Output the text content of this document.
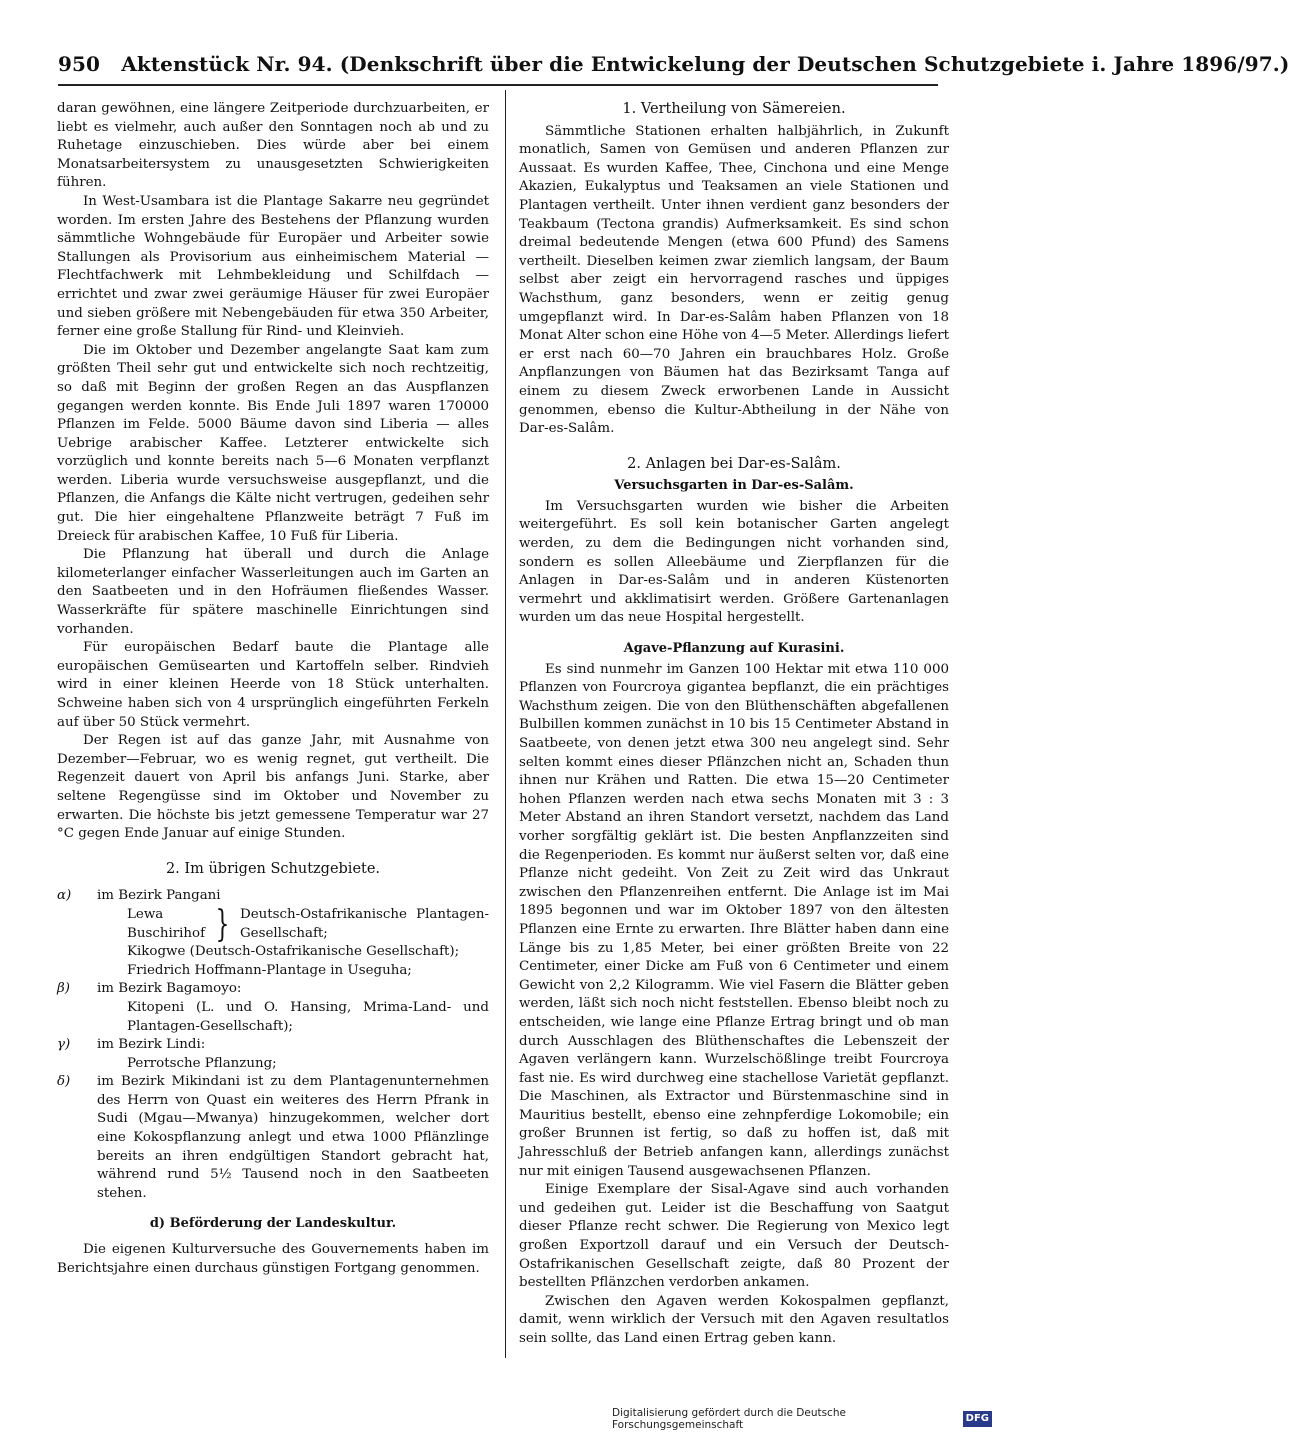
950 Aktenstück Nr. 94. (Denkschrift über die Entwickelung der Deutschen Schutzgebiete i. Jahre 1896/97.)

daran gewöhnen, eine längere Zeitperiode durchzuarbeiten, er liebt es vielmehr, auch außer den Sonntagen noch ab und zu Ruhetage einzuschieben. Dies würde aber bei einem Monatsarbeitersystem zu unausgesetzten Schwierigkeiten führen.

In West-Usambara ist die Plantage Sakarre neu gegründet worden. Im ersten Jahre des Bestehens der Pflanzung wurden sämmtliche Wohngebäude für Europäer und Arbeiter sowie Stallungen als Provisorium aus einheimischem Material — Flechtfachwerk mit Lehmbekleidung und Schilfdach — errichtet und zwar zwei geräumige Häuser für zwei Europäer und sieben größere mit Nebengebäuden für etwa 350 Arbeiter, ferner eine große Stallung für Rind- und Kleinvieh.

Die im Oktober und Dezember angelangte Saat kam zum größten Theil sehr gut und entwickelte sich noch rechtzeitig, so daß mit Beginn der großen Regen an das Auspflanzen gegangen werden konnte. Bis Ende Juli 1897 waren 170000 Pflanzen im Felde. 5000 Bäume davon sind Liberia — alles Uebrige arabischer Kaffee. Letzterer entwickelte sich vorzüglich und konnte bereits nach 5—6 Monaten verpflanzt werden. Liberia wurde versuchsweise ausgepflanzt, und die Pflanzen, die Anfangs die Kälte nicht vertrugen, gedeihen sehr gut. Die hier eingehaltene Pflanzweite beträgt 7 Fuß im Dreieck für arabischen Kaffee, 10 Fuß für Liberia.

Die Pflanzung hat überall und durch die Anlage kilometerlanger einfacher Wasserleitungen auch im Garten an den Saatbeeten und in den Hofräumen fließendes Wasser. Wasserkräfte für spätere maschinelle Einrichtungen sind vorhanden.

Für europäischen Bedarf baute die Plantage alle europäischen Gemüsearten und Kartoffeln selber. Rindvieh wird in einer kleinen Heerde von 18 Stück unterhalten. Schweine haben sich von 4 ursprünglich eingeführten Ferkeln auf über 50 Stück vermehrt.

Der Regen ist auf das ganze Jahr, mit Ausnahme von Dezember—Februar, wo es wenig regnet, gut vertheilt. Die Regenzeit dauert von April bis anfangs Juni. Starke, aber seltene Regengüsse sind im Oktober und November zu erwarten. Die höchste bis jetzt gemessene Temperatur war 27 °C gegen Ende Januar auf einige Stunden.

2. Im übrigen Schutzgebiete.
α) im Bezirk Pangani
Lewa
Buschirihof } Deutsch-Ostafrikanische Plantagen-Gesellschaft;
Kikogwe (Deutsch-Ostafrikanische Gesellschaft);
Friedrich Hoffmann-Plantage in Useguha;
β) im Bezirk Bagamoyo:
Kitopeni (L. und O. Hansing, Mrima-Land- und Plantagen-Gesellschaft);
γ) im Bezirk Lindi:
Perrotsche Pflanzung;
δ) im Bezirk Mikindani ist zu dem Plantagenunternehmen des Herrn von Quast ein weiteres des Herrn Pfrank in Sudi (Mgau—Mwanya) hinzugekommen, welcher dort eine Kokospflanzung anlegt und etwa 1000 Pflänzlinge bereits an ihren endgültigen Standort gebracht hat, während rund 5½ Tausend noch in den Saatbeeten stehen.
d) Beförderung der Landeskultur.

Die eigenen Kulturversuche des Gouvernements haben im Berichtsjahre einen durchaus günstigen Fortgang genommen.

1. Vertheilung von Sämereien.

Sämmtliche Stationen erhalten halbjährlich, in Zukunft monatlich, Samen von Gemüsen und anderen Pflanzen zur Aussaat. Es wurden Kaffee, Thee, Cinchona und eine Menge Akazien, Eukalyptus und Teaksamen an viele Stationen und Plantagen vertheilt. Unter ihnen verdient ganz besonders der Teakbaum (Tectona grandis) Aufmerksamkeit. Es sind schon dreimal bedeutende Mengen (etwa 600 Pfund) des Samens vertheilt. Dieselben keimen zwar ziemlich langsam, der Baum selbst aber zeigt ein hervorragend rasches und üppiges Wachsthum, ganz besonders, wenn er zeitig genug umgepflanzt wird. In Dar-es-Salâm haben Pflanzen von 18 Monat Alter schon eine Höhe von 4—5 Meter. Allerdings liefert er erst nach 60—70 Jahren ein brauchbares Holz. Große Anpflanzungen von Bäumen hat das Bezirksamt Tanga auf einem zu diesem Zweck erworbenen Lande in Aussicht genommen, ebenso die Kultur-Abtheilung in der Nähe von Dar-es-Salâm.

2. Anlagen bei Dar-es-Salâm.
Versuchsgarten in Dar-es-Salâm.

Im Versuchsgarten wurden wie bisher die Arbeiten weitergeführt. Es soll kein botanischer Garten angelegt werden, zu dem die Bedingungen nicht vorhanden sind, sondern es sollen Alleebäume und Zierpflanzen für die Anlagen in Dar-es-Salâm und in anderen Küstenorten vermehrt und akklimatisirt werden. Größere Gartenanlagen wurden um das neue Hospital hergestellt.

Agave-Pflanzung auf Kurasini.

Es sind nunmehr im Ganzen 100 Hektar mit etwa 110 000 Pflanzen von Fourcroya gigantea bepflanzt, die ein prächtiges Wachsthum zeigen. Die von den Blüthenschäften abgefallenen Bulbillen kommen zunächst in 10 bis 15 Centimeter Abstand in Saatbeete, von denen jetzt etwa 300 neu angelegt sind. Sehr selten kommt eines dieser Pflänzchen nicht an, Schaden thun ihnen nur Krähen und Ratten. Die etwa 15—20 Centimeter hohen Pflanzen werden nach etwa sechs Monaten mit 3 : 3 Meter Abstand an ihren Standort versetzt, nachdem das Land vorher sorgfältig geklärt ist. Die besten Anpflanzzeiten sind die Regenperioden. Es kommt nur äußerst selten vor, daß eine Pflanze nicht gedeiht. Von Zeit zu Zeit wird das Unkraut zwischen den Pflanzenreihen entfernt. Die Anlage ist im Mai 1895 begonnen und war im Oktober 1897 von den ältesten Pflanzen eine Ernte zu erwarten. Ihre Blätter haben dann eine Länge bis zu 1,85 Meter, bei einer größten Breite von 22 Centimeter, einer Dicke am Fuß von 6 Centimeter und einem Gewicht von 2,2 Kilogramm. Wie viel Fasern die Blätter geben werden, läßt sich noch nicht feststellen. Ebenso bleibt noch zu entscheiden, wie lange eine Pflanze Ertrag bringt und ob man durch Ausschlagen des Blüthenschaftes die Lebenszeit der Agaven verlängern kann. Wurzelschößlinge treibt Fourcroya fast nie. Es wird durchweg eine stachellose Varietät gepflanzt. Die Maschinen, als Extractor und Bürstenmaschine sind in Mauritius bestellt, ebenso eine zehnpferdige Lokomobile; ein großer Brunnen ist fertig, so daß zu hoffen ist, daß mit Jahresschluß der Betrieb anfangen kann, allerdings zunächst nur mit einigen Tausend ausgewachsenen Pflanzen.

Einige Exemplare der Sisal-Agave sind auch vorhanden und gedeihen gut. Leider ist die Beschaffung von Saatgut dieser Pflanze recht schwer. Die Regierung von Mexico legt großen Exportzoll darauf und ein Versuch der Deutsch-Ostafrikanischen Gesellschaft zeigte, daß 80 Prozent der bestellten Pflänzchen verdorben ankamen.

Zwischen den Agaven werden Kokospalmen gepflanzt, damit, wenn wirklich der Versuch mit den Agaven resultatlos sein sollte, das Land einen Ertrag geben kann.

Digitalisierung gefördert durch die Deutsche Forschungsgemeinschaft
DFG
